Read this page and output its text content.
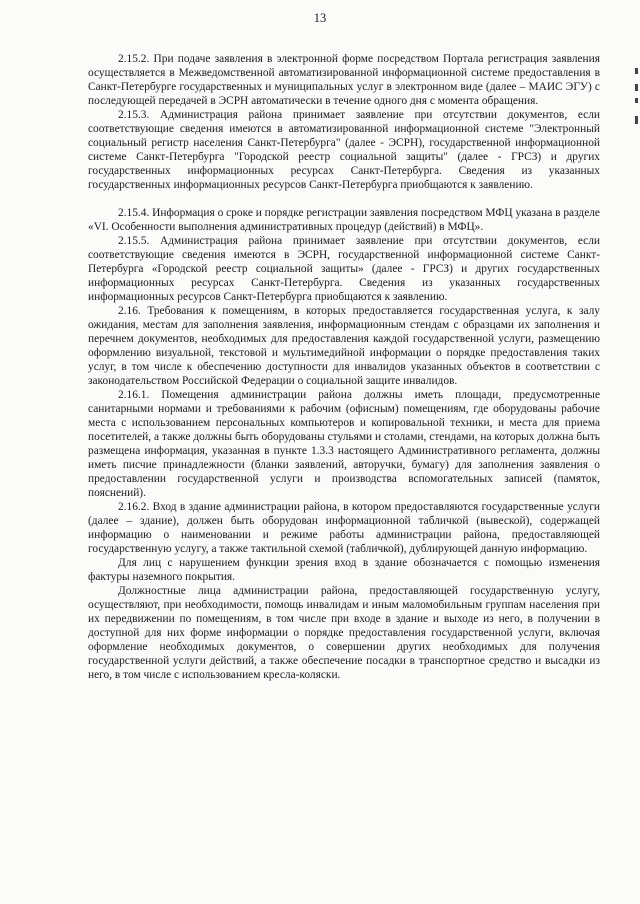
13

2.15.2. При подаче заявления в электронной форме посредством Портала регистрация заявления осуществляется в Межведомственной автоматизированной информационной системе предоставления в Санкт-Петербурге государственных и муниципальных услуг в электронном виде (далее – МАИС ЭГУ) с последующей передачей в ЭСРН автоматически в течение одного дня с момента обращения.

2.15.3. Администрация района принимает заявление при отсутствии документов, если соответствующие сведения имеются в автоматизированной информационной системе "Электронный социальный регистр населения Санкт-Петербурга" (далее - ЭСРН), государственной информационной системе Санкт-Петербурга "Городской реестр социальной защиты" (далее - ГРСЗ) и других государственных информационных ресурсах Санкт-Петербурга. Сведения из указанных государственных информационных ресурсов Санкт-Петербурга приобщаются к заявлению.

2.15.4. Информация о сроке и порядке регистрации заявления посредством МФЦ указана в разделе «VI. Особенности выполнения административных процедур (действий) в МФЦ».

2.15.5. Администрация района принимает заявление при отсутствии документов, если соответствующие сведения имеются в ЭСРН, государственной информационной системе Санкт-Петербурга «Городской реестр социальной защиты» (далее - ГРСЗ) и других государственных информационных ресурсах Санкт-Петербурга. Сведения из указанных государственных информационных ресурсов Санкт-Петербурга приобщаются к заявлению.

2.16. Требования к помещениям, в которых предоставляется государственная услуга, к залу ожидания, местам для заполнения заявления, информационным стендам с образцами их заполнения и перечнем документов, необходимых для предоставления каждой государственной услуги, размещению оформлению визуальной, текстовой и мультимедийной информации о порядке предоставления таких услуг, в том числе к обеспечению доступности для инвалидов указанных объектов в соответствии с законодательством Российской Федерации о социальной защите инвалидов.

2.16.1. Помещения администрации района должны иметь площади, предусмотренные санитарными нормами и требованиями к рабочим (офисным) помещениям, где оборудованы рабочие места с использованием персональных компьютеров и копировальной техники, и места для приема посетителей, а также должны быть оборудованы стульями и столами, стендами, на которых должна быть размещена информация, указанная в пункте 1.3.3 настоящего Административного регламента, должны иметь писчие принадлежности (бланки заявлений, авторучки, бумагу) для заполнения заявления о предоставлении государственной услуги и производства вспомогательных записей (памяток, пояснений).

2.16.2. Вход в здание администрации района, в котором предоставляются государственные услуги (далее – здание), должен быть оборудован информационной табличкой (вывеской), содержащей информацию о наименовании и режиме работы администрации района, предоставляющей государственную услугу, а также тактильной схемой (табличкой), дублирующей данную информацию.

Для лиц с нарушением функции зрения вход в здание обозначается с помощью изменения фактуры наземного покрытия.

Должностные лица администрации района, предоставляющей государственную услугу, осуществляют, при необходимости, помощь инвалидам и иным маломобильным группам населения при их передвижении по помещениям, в том числе при входе в здание и выходе из него, в получении в доступной для них форме информации о порядке предоставления государственной услуги, включая оформление необходимых документов, о совершении других необходимых для получения государственной услуги действий, а также обеспечение посадки в транспортное средство и высадки из него, в том числе с использованием кресла-коляски.
